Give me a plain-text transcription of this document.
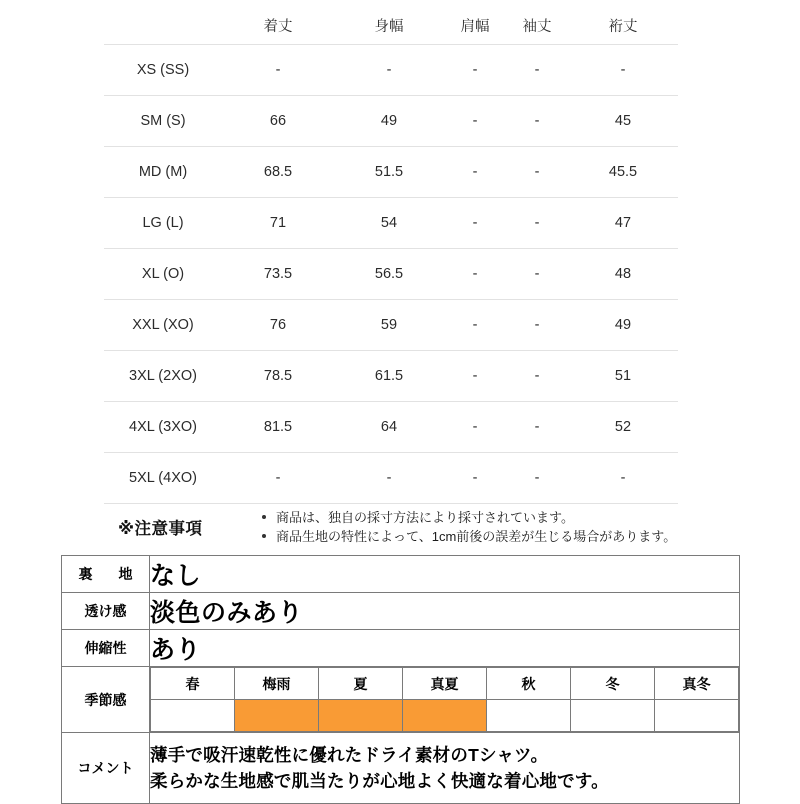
	着丈	身幅	肩幅	袖丈	裄丈
XS (SS)	-	-	-	-	-
SM (S)	66	49	-	-	45
MD (M)	68.5	51.5	-	-	45.5
LG (L)	71	54	-	-	47
XL (O)	73.5	56.5	-	-	48
XXL (XO)	76	59	-	-	49
3XL (2XO)	78.5	61.5	-	-	51
4XL (3XO)	81.5	64	-	-	52
5XL (4XO)	-	-	-	-	-
※注意事項
商品は、独自の採寸方法により採寸されています。
商品生地の特性によって、1cm前後の誤差が生じる場合があります。
裏　地	なし
透け感	淡色のみあり
伸縮性	あり
季節感	
春	梅雨	夏	真夏	秋	冬	真冬

コメント	
薄手で吸汗速乾性に優れたドライ素材のTシャツ。
柔らかな生地感で肌当たりが心地よく快適な着心地です。
